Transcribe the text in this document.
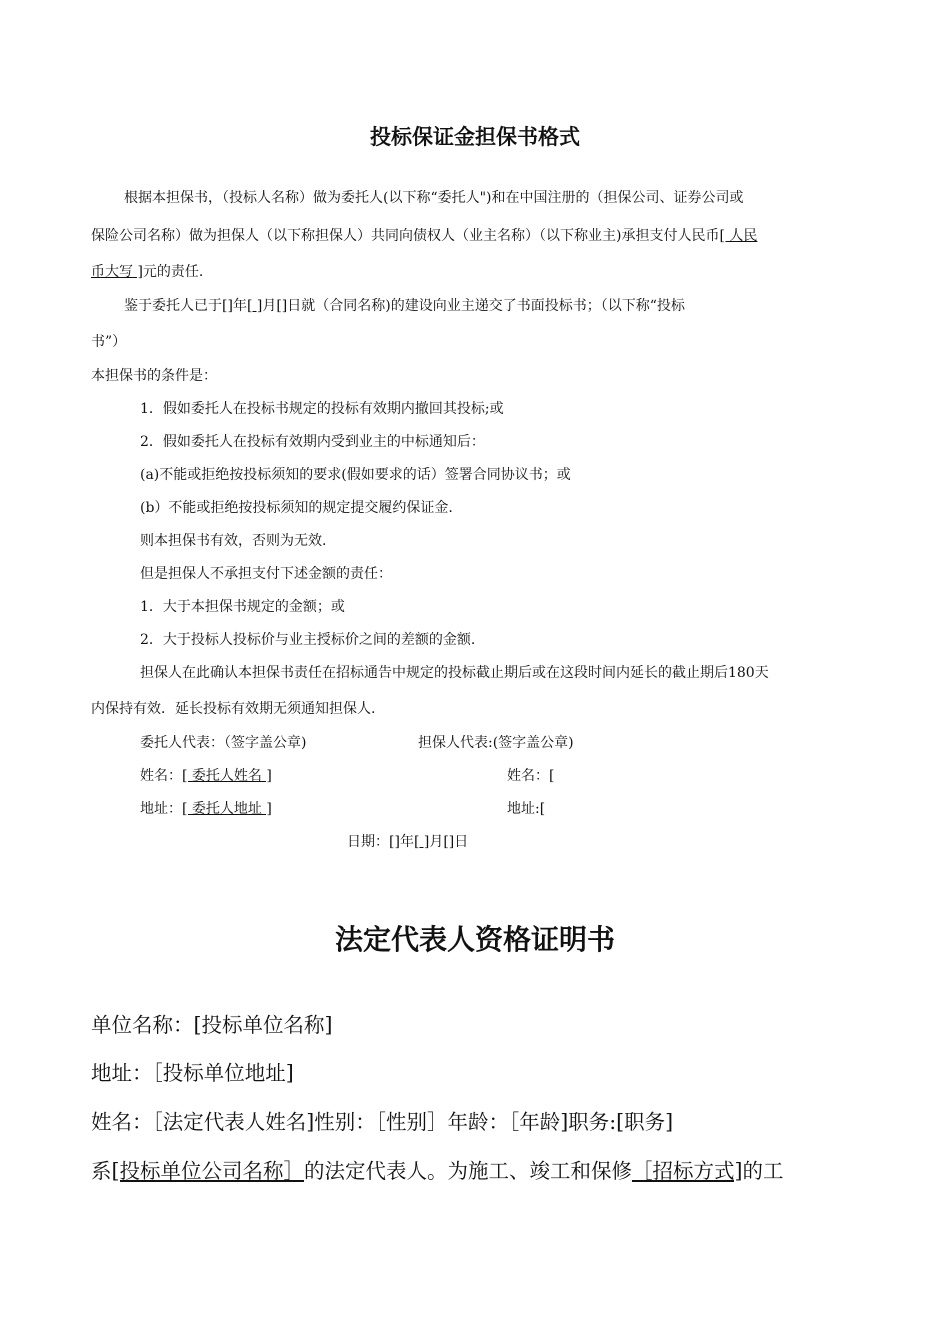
投标保证金担保书格式
根据本担保书，（投标人名称）做为委托人(以下称“委托人")和在中国注册的（担保公司、证券公司或
保险公司名称）做为担保人（以下称担保人）共同向债权人（业主名称）（以下称业主)承担支付人民币[ 人民
币大写 ]元的责任.
鉴于委托人已于[]年[ ]月[]日就（合同名称)的建设向业主递交了书面投标书；（以下称“投标
书”）
本担保书的条件是：
1．假如委托人在投标书规定的投标有效期内撤回其投标;或
2．假如委托人在投标有效期内受到业主的中标通知后：
(a)不能或拒绝按投标须知的要求(假如要求的话）签署合同协议书；或
(b）不能或拒绝按投标须知的规定提交履约保证金.
则本担保书有效，否则为无效.
但是担保人不承担支付下述金额的责任：
1．大于本担保书规定的金额；或
2．大于投标人投标价与业主授标价之间的差额的金额.
担保人在此确认本担保书责任在招标通告中规定的投标截止期后或在这段时间内延长的截止期后180天
内保持有效．延长投标有效期无须通知担保人.
委托人代表：（签字盖公章)	担保人代表:(签字盖公章)
姓名：[ 委托人姓名 ]	姓名：[
地址：[ 委托人地址 ]	地址:[
日期：[]年[ ]月[]日
法定代表人资格证明书
单位名称：[投标单位名称]
地址：［投标单位地址]
姓名：［法定代表人姓名]性别：［性别］年龄：［年龄]职务:[职务]
系[投标单位公司名称］的法定代表人。为施工、竣工和保修［招标方式]的工
